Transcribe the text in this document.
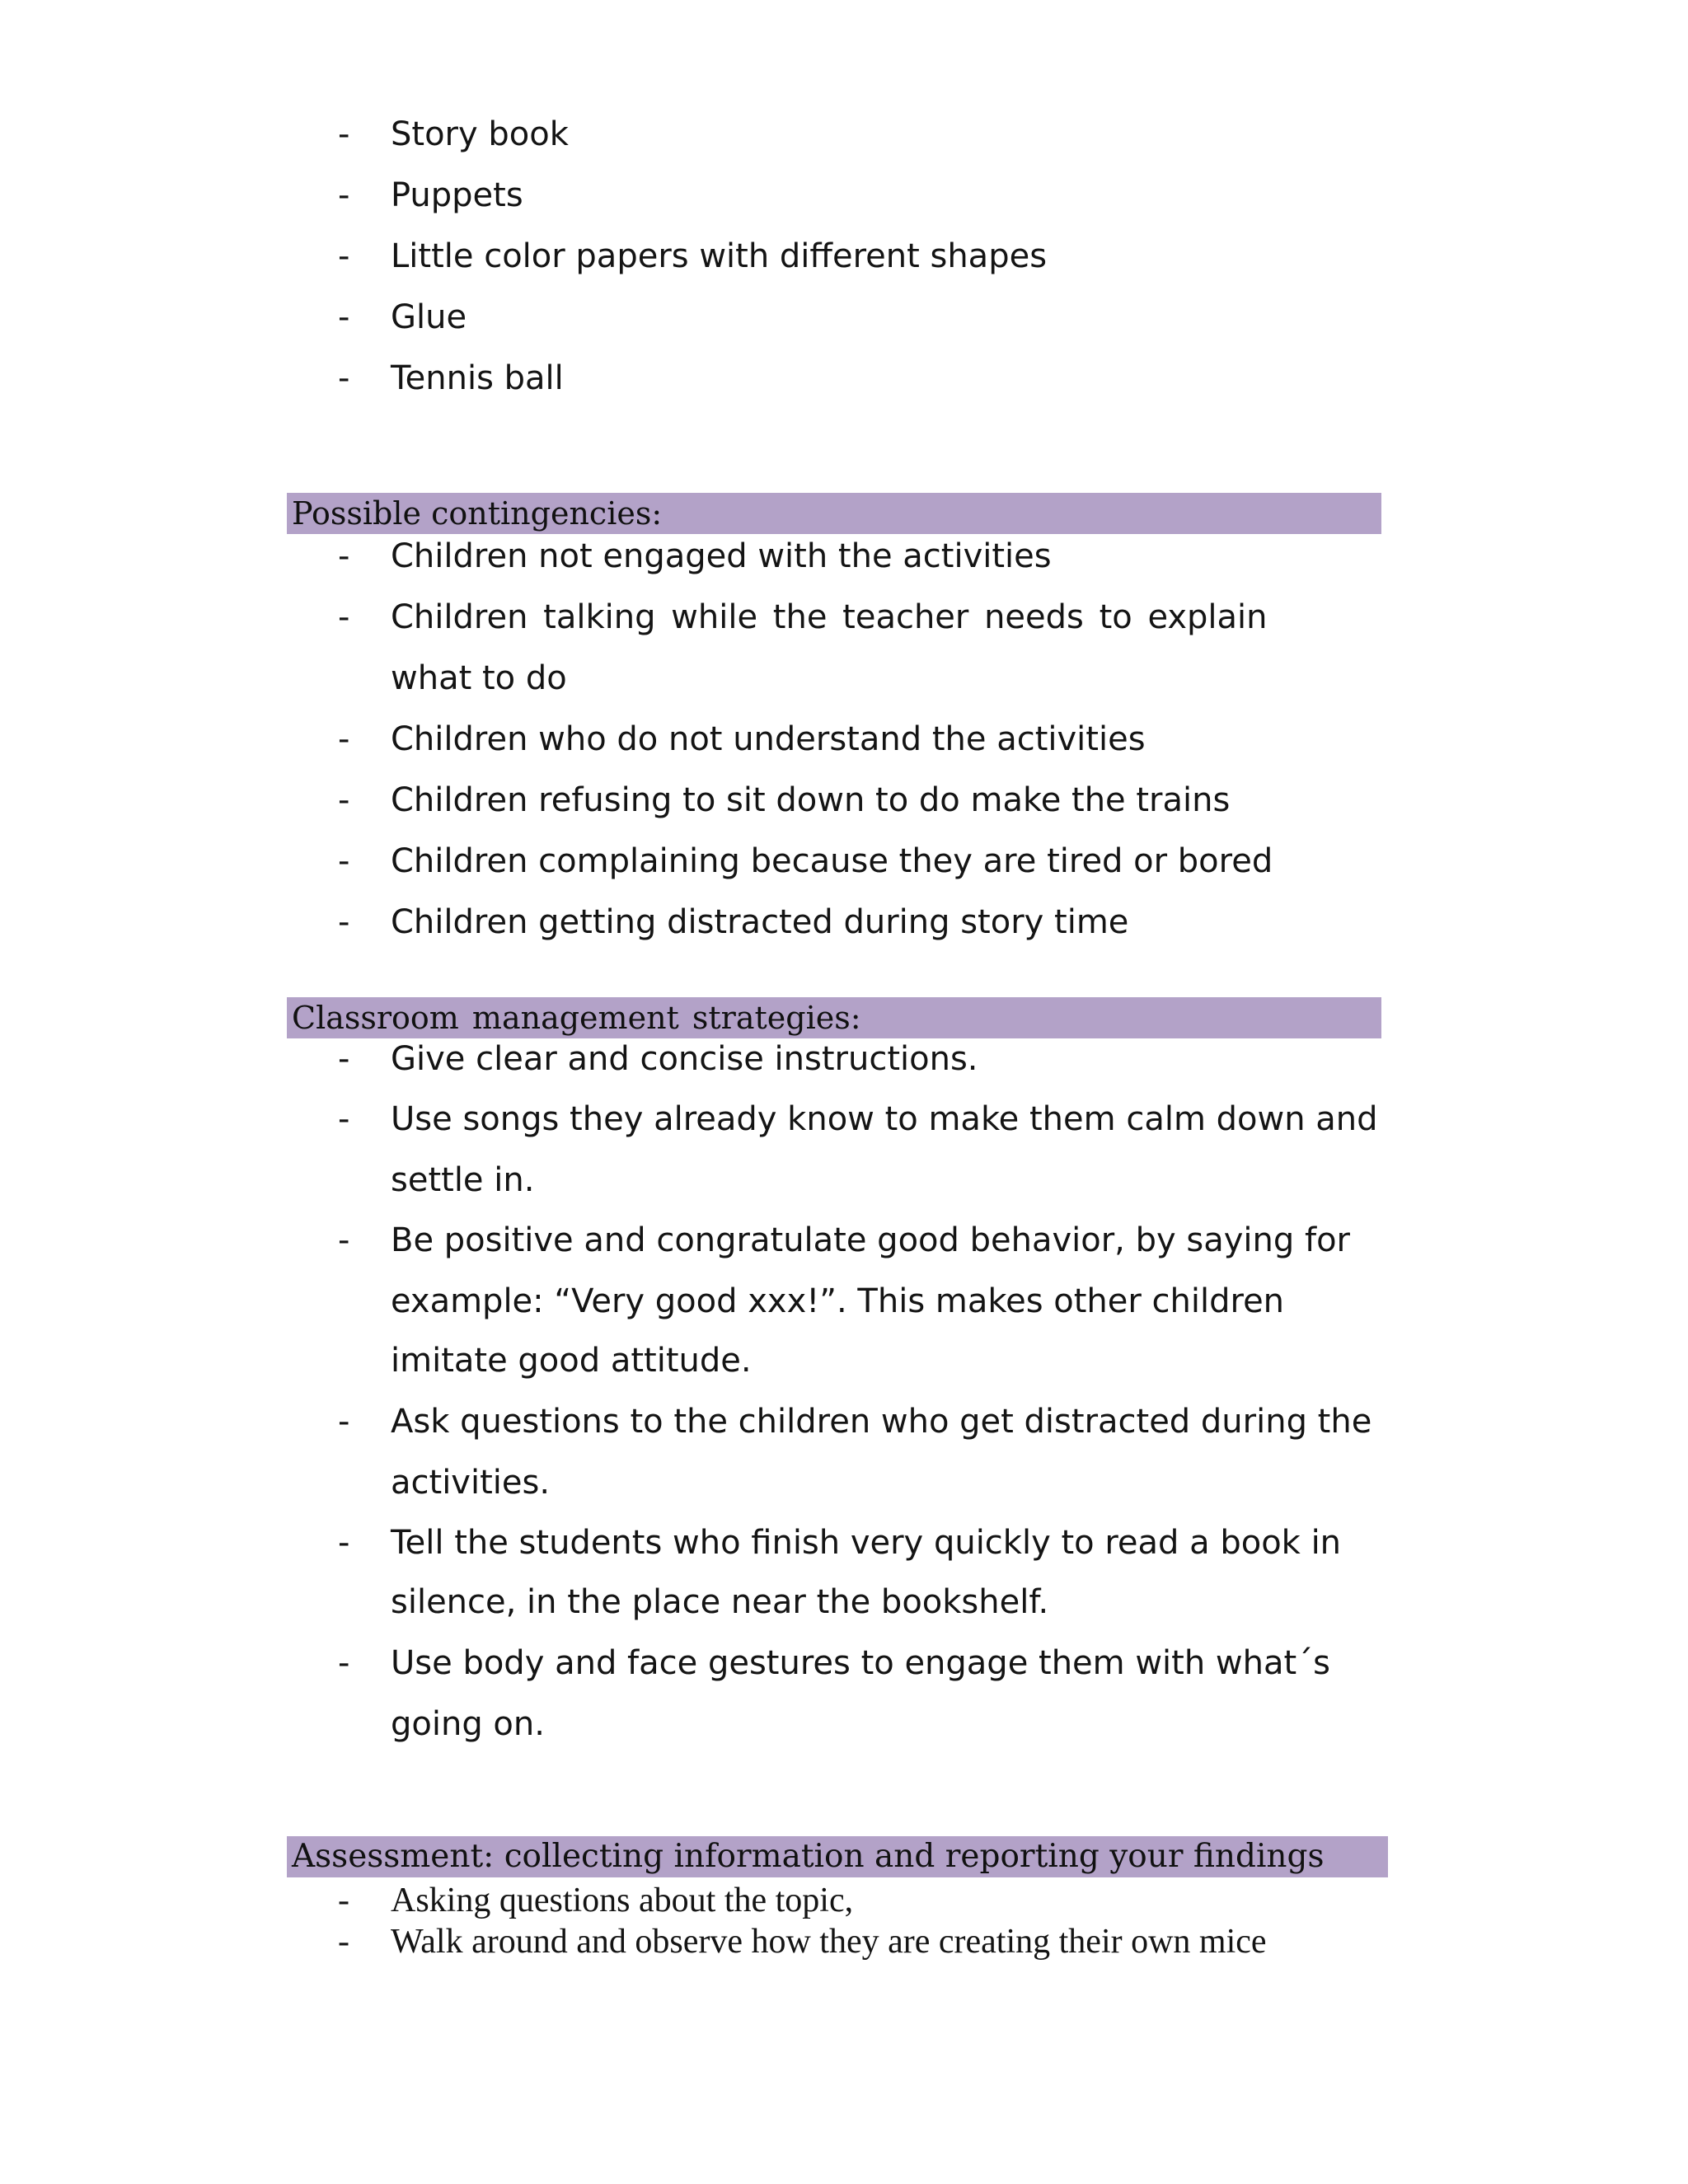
- Story book
- Puppets
- Little color papers with different shapes
- Glue
- Tennis ball
Possible contingencies:
- Children not engaged with the activities
- Children talking while the teacher needs to explain
what to do
- Children who do not understand the activities
- Children refusing to sit down to do make the trains
- Children complaining because they are tired or bored
- Children getting distracted during story time
Classroom management strategies:
- Give clear and concise instructions.
- Use songs they already know to make them calm down and
settle in.
- Be positive and congratulate good behavior, by saying for
example: “Very good xxx!”. This makes other children
imitate good attitude.
- Ask questions to the children who get distracted during the
activities.
- Tell the students who finish very quickly to read a book in
silence, in the place near the bookshelf.
- Use body and face gestures to engage them with what´s
going on.
Assessment: collecting information and reporting your findings
- Asking questions about the topic,
- Walk around and observe how they are creating their own mice
